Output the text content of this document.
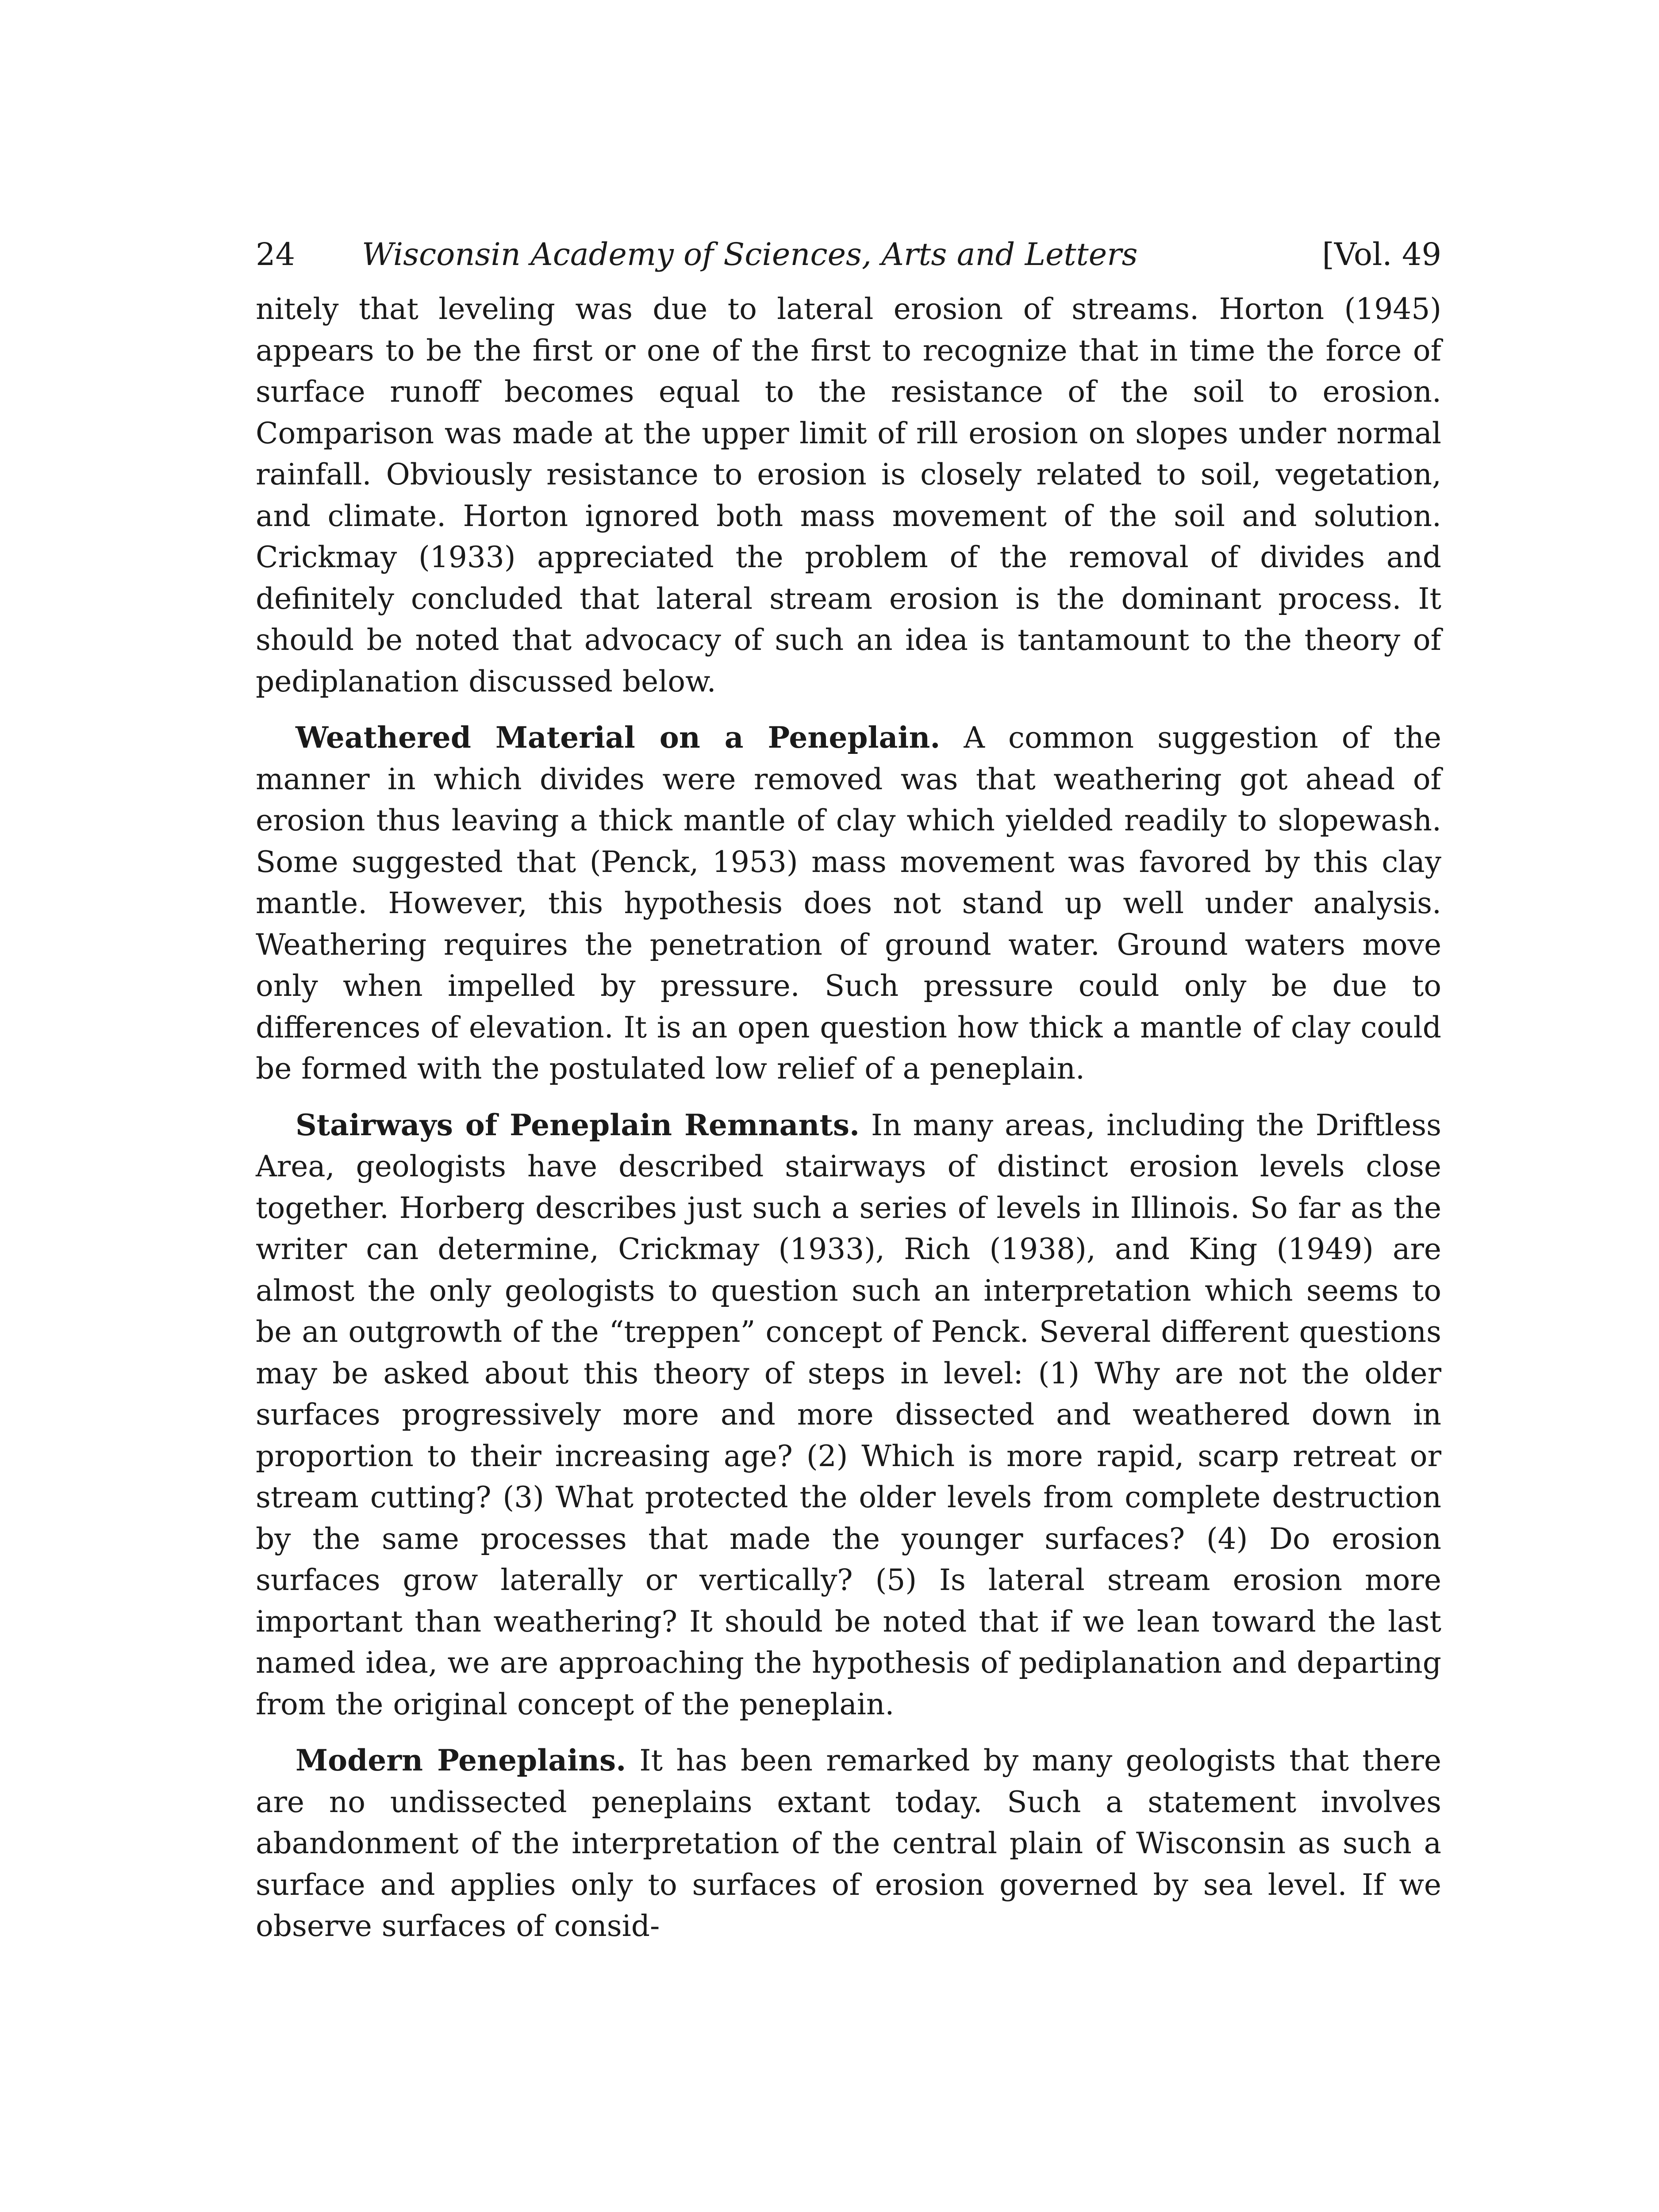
24 Wisconsin Academy of Sciences, Arts and Letters	[Vol. 49

nitely that leveling was due to lateral erosion of streams. Horton (1945) appears to be the first or one of the first to recognize that in time the force of surface runoff becomes equal to the resistance of the soil to erosion. Comparison was made at the upper limit of rill erosion on slopes under normal rainfall. Obviously resistance to erosion is closely related to soil, vegetation, and climate. Horton ignored both mass movement of the soil and solution. Crickmay (1933) appreciated the problem of the removal of divides and definitely concluded that lateral stream erosion is the dominant process. It should be noted that advocacy of such an idea is tantamount to the theory of pediplanation discussed below.

Weathered Material on a Peneplain. A common suggestion of the manner in which divides were removed was that weathering got ahead of erosion thus leaving a thick mantle of clay which yielded readily to slopewash. Some suggested that (Penck, 1953) mass movement was favored by this clay mantle. However, this hypothesis does not stand up well under analysis. Weathering requires the penetration of ground water. Ground waters move only when impelled by pressure. Such pressure could only be due to differences of elevation. It is an open question how thick a mantle of clay could be formed with the postulated low relief of a peneplain.

Stairways of Peneplain Remnants. In many areas, including the Driftless Area, geologists have described stairways of distinct erosion levels close together. Horberg describes just such a series of levels in Illinois. So far as the writer can determine, Crickmay (1933), Rich (1938), and King (1949) are almost the only geologists to question such an interpretation which seems to be an outgrowth of the “treppen” concept of Penck. Several different questions may be asked about this theory of steps in level: (1) Why are not the older surfaces progressively more and more dissected and weathered down in proportion to their increasing age? (2) Which is more rapid, scarp retreat or stream cutting? (3) What protected the older levels from complete destruction by the same processes that made the younger surfaces? (4) Do erosion surfaces grow laterally or vertically? (5) Is lateral stream erosion more important than weathering? It should be noted that if we lean toward the last named idea, we are approaching the hypothesis of pediplanation and departing from the original concept of the peneplain.

Modern Peneplains. It has been remarked by many geologists that there are no undissected peneplains extant today. Such a statement involves abandonment of the interpretation of the central plain of Wisconsin as such a surface and applies only to surfaces of erosion governed by sea level. If we observe surfaces of consid-
